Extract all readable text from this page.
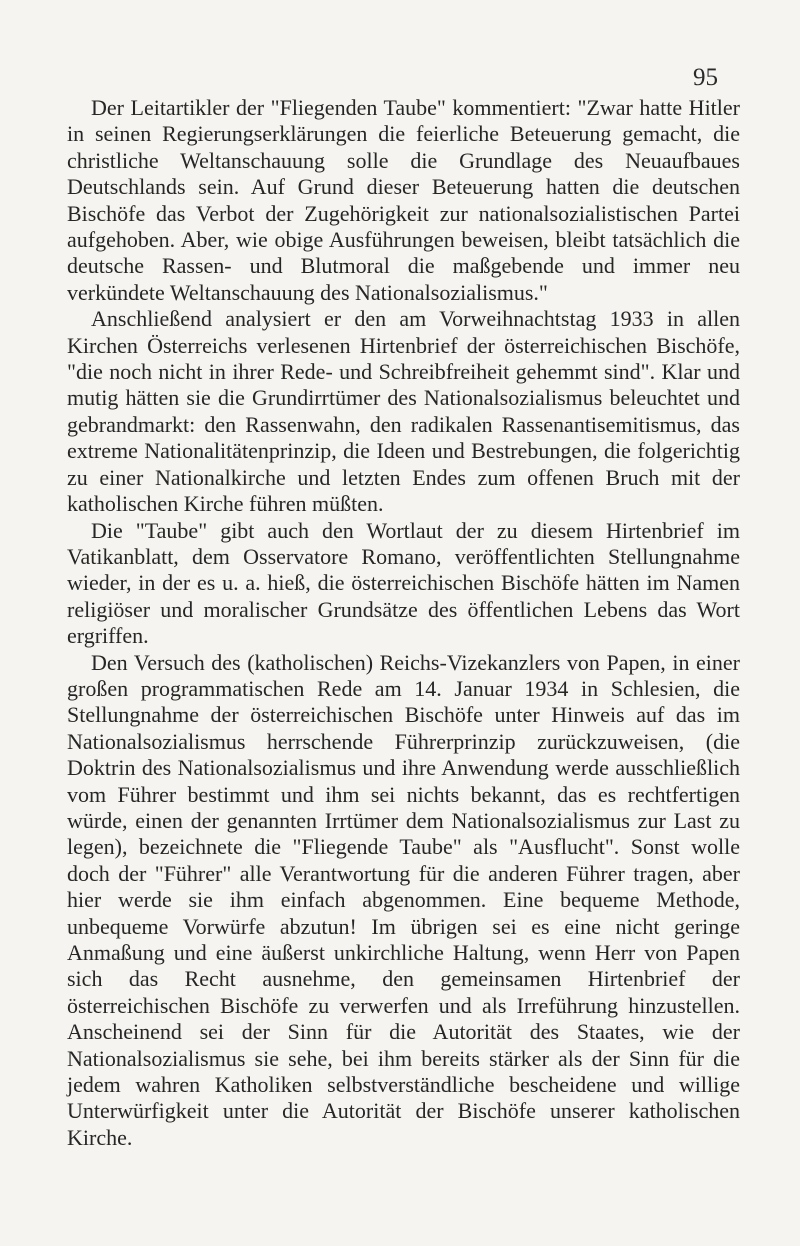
95

Der Leitartikler der "Fliegenden Taube" kommentiert: "Zwar hatte Hitler in seinen Regierungserklärungen die feierliche Beteuerung gemacht, die christliche Weltanschauung solle die Grundlage des Neuaufbaues Deutschlands sein. Auf Grund dieser Beteuerung hatten die deutschen Bischöfe das Verbot der Zugehörigkeit zur nationalsozialistischen Partei aufgehoben. Aber, wie obige Ausführungen beweisen, bleibt tatsächlich die deutsche Rassen- und Blutmoral die maßgebende und immer neu verkündete Weltanschauung des Nationalsozialismus."

Anschließend analysiert er den am Vorweihnachtstag 1933 in allen Kirchen Österreichs verlesenen Hirtenbrief der österreichischen Bischöfe, "die noch nicht in ihrer Rede- und Schreibfreiheit gehemmt sind". Klar und mutig hätten sie die Grundirrtümer des Nationalsozialismus beleuchtet und gebrandmarkt: den Rassenwahn, den radikalen Rassenantisemitismus, das extreme Nationalitätenprinzip, die Ideen und Bestrebungen, die folgerichtig zu einer Nationalkirche und letzten Endes zum offenen Bruch mit der katholischen Kirche führen müßten.

Die "Taube" gibt auch den Wortlaut der zu diesem Hirtenbrief im Vatikanblatt, dem Osservatore Romano, veröffentlichten Stellungnahme wieder, in der es u. a. hieß, die österreichischen Bischöfe hätten im Namen religiöser und moralischer Grundsätze des öffentlichen Lebens das Wort ergriffen.

Den Versuch des (katholischen) Reichs-Vizekanzlers von Papen, in einer großen programmatischen Rede am 14. Januar 1934 in Schlesien, die Stellungnahme der österreichischen Bischöfe unter Hinweis auf das im Nationalsozialismus herrschende Führerprinzip zurückzuweisen, (die Doktrin des Nationalsozialismus und ihre Anwendung werde ausschließlich vom Führer bestimmt und ihm sei nichts bekannt, das es rechtfertigen würde, einen der genannten Irrtümer dem Nationalsozialismus zur Last zu legen), bezeichnete die "Fliegende Taube" als "Ausflucht". Sonst wolle doch der "Führer" alle Verantwortung für die anderen Führer tragen, aber hier werde sie ihm einfach abgenommen. Eine bequeme Methode, unbequeme Vorwürfe abzutun! Im übrigen sei es eine nicht geringe Anmaßung und eine äußerst unkirchliche Haltung, wenn Herr von Papen sich das Recht ausnehme, den gemeinsamen Hirtenbrief der österreichischen Bischöfe zu verwerfen und als Irreführung hinzustellen. Anscheinend sei der Sinn für die Autorität des Staates, wie der Nationalsozialismus sie sehe, bei ihm bereits stärker als der Sinn für die jedem wahren Katholiken selbstverständliche bescheidene und willige Unterwürfigkeit unter die Autorität der Bischöfe unserer katholischen Kirche.
